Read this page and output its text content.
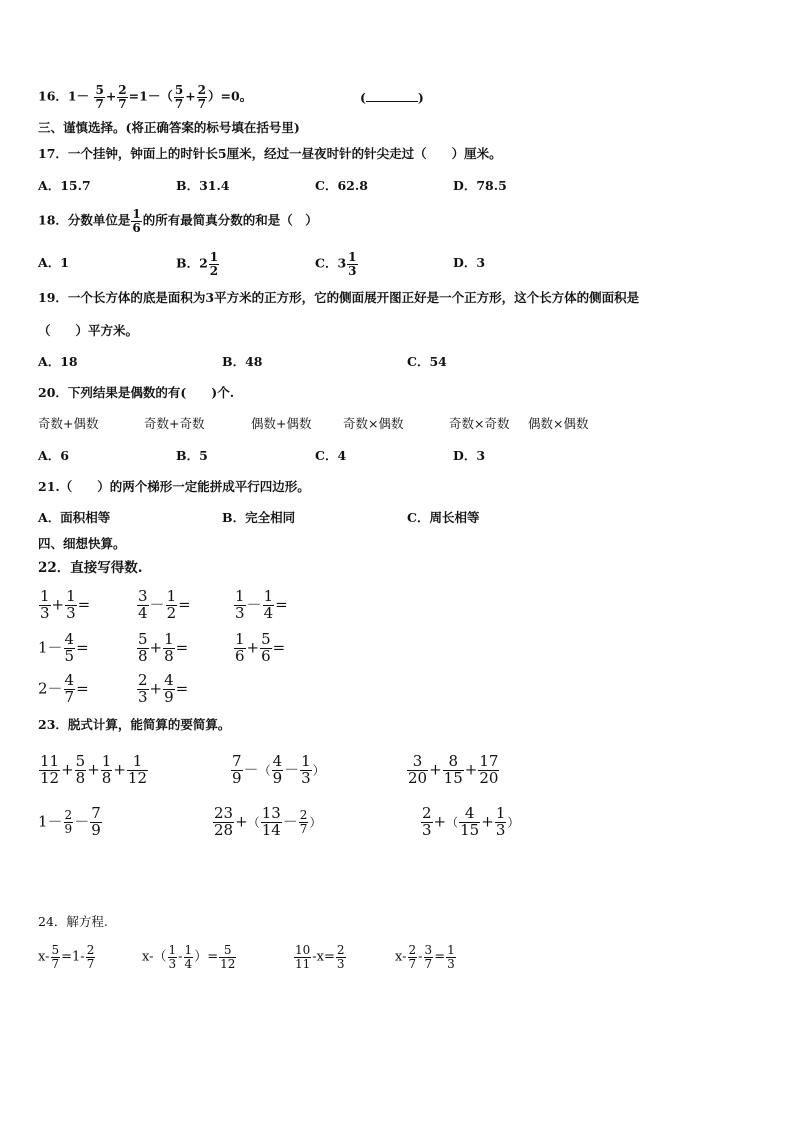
16．$1- \frac{5}{7} + \frac{2}{7} =1-( \frac{5}{7} + \frac{2}{7} )=0$。	(	)
三、谨慎选择。(将正确答案的标号填在括号里)
17．一个挂钟，钟面上的时针长5厘米，经过一昼夜时针的针尖走过（　　）厘米。
A．15.7	B．31.4	C．62.8	D．78.5
18．分数单位是 $\frac{1}{6}$ 的所有最简真分数的和是（　）
A．1	B．$2 \frac{1}{2}$	C．$3 \frac{1}{3}$	D．3
19．一个长方体的底是面积为3平方米的正方形，它的侧面展开图正好是一个正方形，这个长方体的侧面积是
（　　）平方米。
A．18	B．48	C．54
20．下列结果是偶数的有(　　)个.
奇数+偶数	奇数+奇数	偶数+偶数	奇数×偶数	奇数×奇数 偶数×偶数
A．6	B．5	C．4	D．3
21.（　　）的两个梯形一定能拼成平行四边形。
A．面积相等	B．完全相同	C．周长相等
四、细想快算。
22．直接写得数.
$\frac{1}{3} + \frac{1}{3}$ =	$\frac{3}{4} - \frac{1}{2}$ =	$\frac{1}{3} - \frac{1}{4}$ =
$1- \frac{4}{5}$ =	$\frac{5}{8} + \frac{1}{8}$ =	$\frac{1}{6} + \frac{5}{6}$ =
$2- \frac{4}{7}$ =	$\frac{2}{3} + \frac{4}{9}$ =
23．脱式计算，能简算的要简算。
$\frac{11}{12} + \frac{5}{8} + \frac{1}{8} + \frac{1}{12}$	$\frac{7}{9}$ －（ $\frac{4}{9} - \frac{1}{3}$ ）	$\frac{3}{20} + \frac{8}{15} + \frac{17}{20}$
$1- \frac{2}{9} - \frac{7}{9}$	$\frac{23}{28}$ +（ $\frac{13}{14} - \frac{2}{7}$ ）	$\frac{2}{3}$ +（ $\frac{4}{15} + \frac{1}{3}$ ）
24．解方程.
$x- \frac{5}{7} =1- \frac{2}{7}$	$x-( \frac{1}{3} - \frac{1}{4}$ ）= $\frac{5}{12}$	$\frac{10}{11} -x= \frac{2}{3}$	$x- \frac{2}{7} - \frac{3}{7} = \frac{1}{3}$
